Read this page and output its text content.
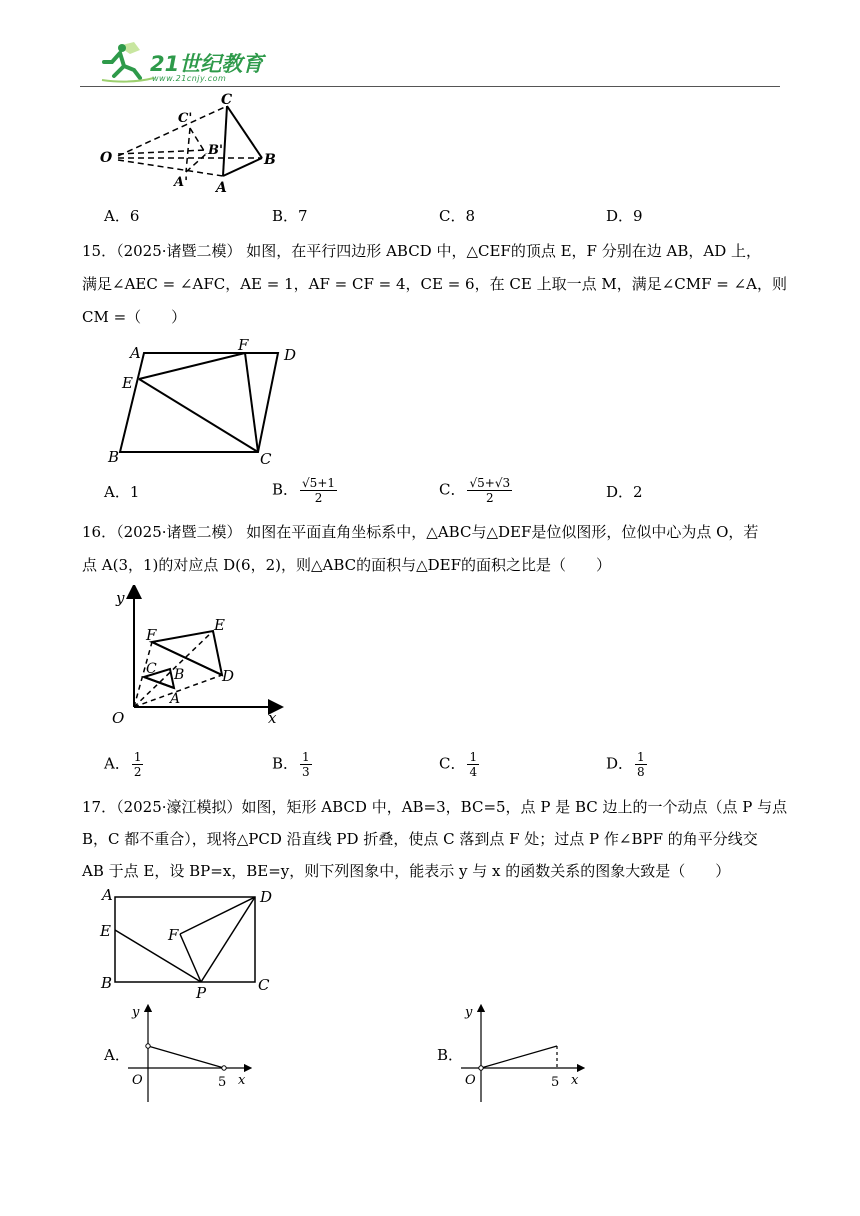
21世纪教育
www.21cnjy.com
C
C'
B'
O	B
A' A
A．6	B．7	C．8	D．9
15．（2025·诸暨二模） 如图，在平行四边形 ABCD 中，△CEF的顶点 E，F 分别在边 AB，AD 上，
满足∠AEC = ∠AFC，AE = 1，AF = CF = 4，CE = 6，在 CE 上取一点 M，满足∠CMF = ∠A，则
CM =（　　）
A	F
D
E
B	C
A．1	B． $\frac{√5+1}{2}$	C． $\frac{√5+√3}{2}$	D．2
16．（2025·诸暨二模） 如图在平面直角坐标系中，△ABC与△DEF是位似图形，位似中心为点 O，若
点 A(3，1)的对应点 D(6，2)，则△ABC的面积与△DEF的面积之比是（　　）
y
F
E
C B	D
A
O	x
A． $\frac{1}{2}$	B． $\frac{1}{3}$	C． $\frac{1}{4}$	D． $\frac{1}{8}$
17．（2025·濠江模拟）如图，矩形 ABCD 中，AB=3，BC=5，点 P 是 BC 边上的一个动点（点 P 与点
B，C 都不重合），现将△PCD 沿直线 PD 折叠，使点 C 落到点 F 处；过点 P 作∠BPF 的角平分线交
AB 于点 E，设 BP=x，BE=y，则下列图象中，能表示 y 与 x 的函数关系的图象大致是（　　）
A	D
E	F
B
P	C
A．
y
O	5 x
B．
y
O	5 x
